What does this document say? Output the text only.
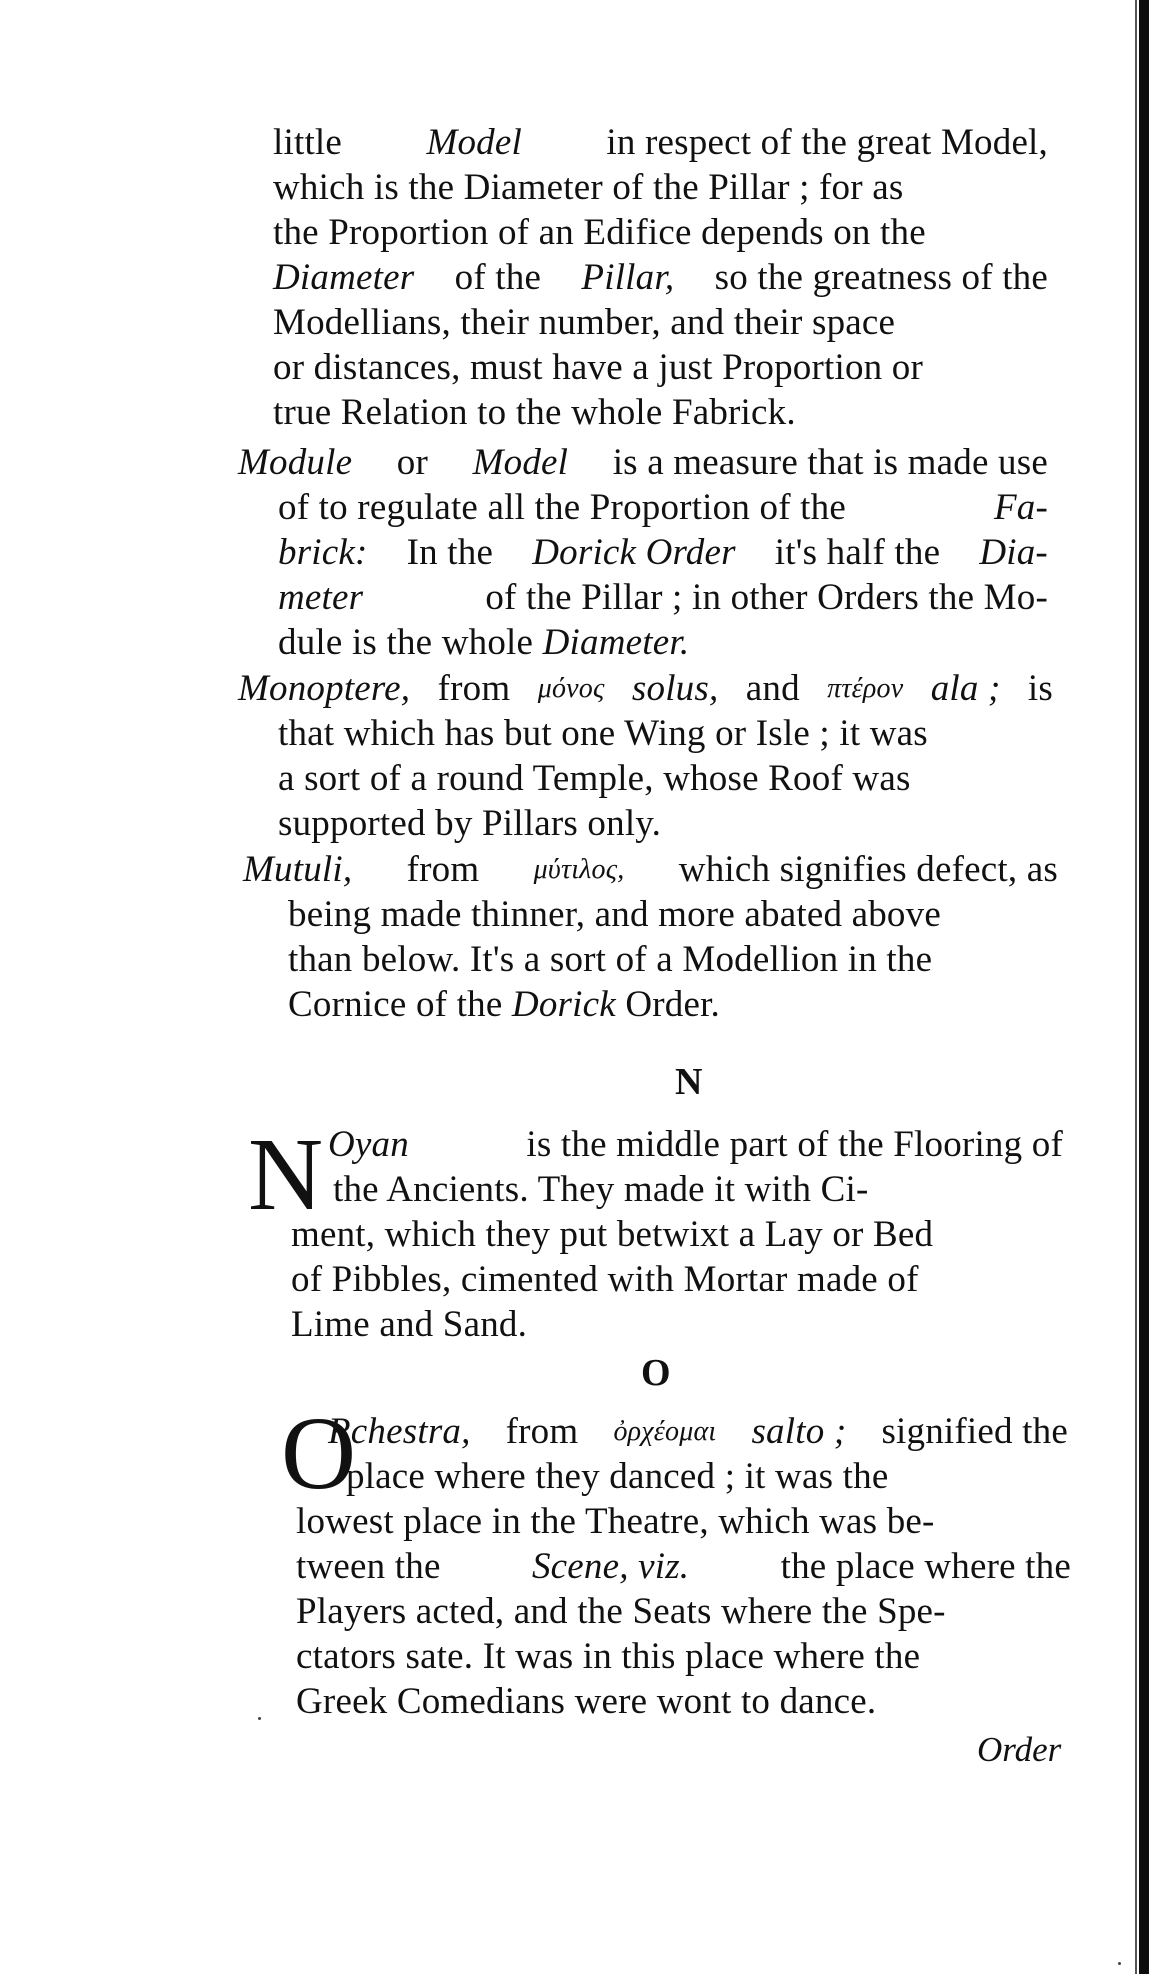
little Model in respect of the great Model,
which is the Diameter of the Pillar ; for as
the Proportion of an Edifice depends on the
Diameter of the Pillar, so the greatness of the
Modellians, their number, and their space
or distances, must have a just Proportion or
true Relation to the whole Fabrick.
Module or Model is a measure that is made use
of to regulate all the Proportion of the	Fa-
brick: In the Dorick Order it's half the Dia-
meter	of the Pillar ; in other Orders the Mo-
dule is the whole Diameter.
Monoptere, from μόνος solus, and πτέρον ala ; is
that which has but one Wing or Isle ; it was
a sort of a round Temple, whose Roof was
supported by Pillars only.
Mutuli, from μύτιλος, which signifies defect, as
being made thinner, and more abated above
than below. It's a sort of a Modellion in the
Cornice of the Dorick Order.
N
N Oyan	is the middle part of the Flooring of
the Ancients. They made it with Ci-
ment, which they put betwixt a Lay or Bed
of Pibbles, cimented with Mortar made of
Lime and Sand.
O
O
Rchestra, from ὀρχέομαι salto ; signified the
place where they danced ; it was the
lowest place in the Theatre, which was be-
tween the Scene, viz. the place where the
Players acted, and the Seats where the Spe-
ctators sate. It was in this place where the
Greek Comedians were wont to dance.
Order
